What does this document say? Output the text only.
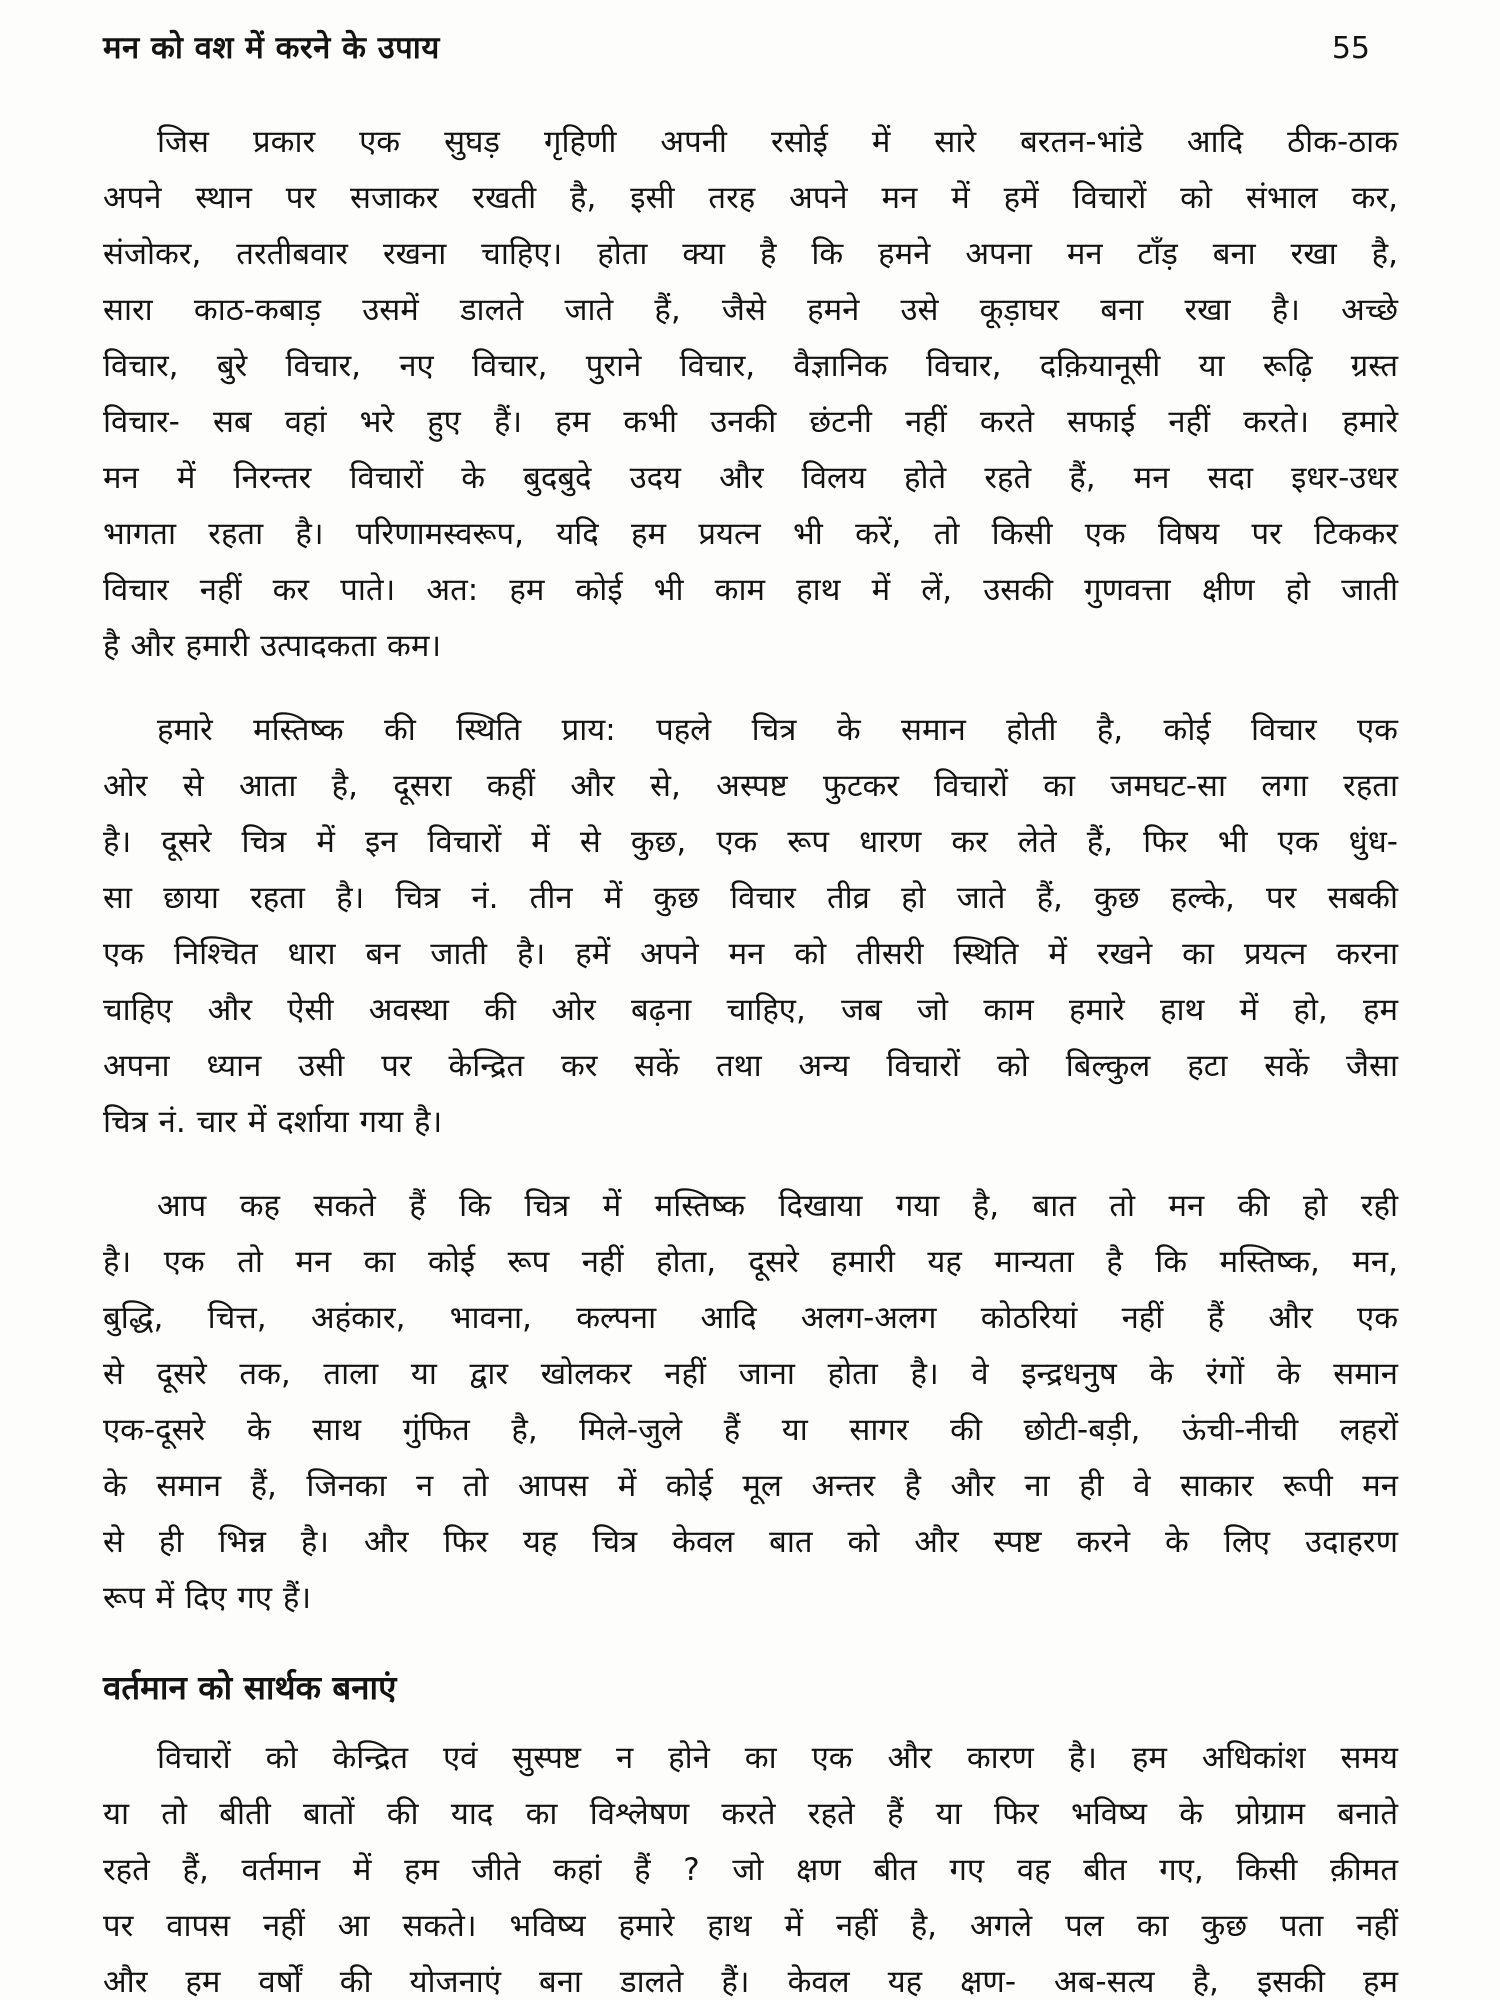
मन को वश में करने के उपाय	55
जिस प्रकार एक सुघड़ गृहिणी अपनी रसोई में सारे बरतन-भांडे आदि ठीक-ठाक
अपने स्थान पर सजाकर रखती है, इसी तरह अपने मन में हमें विचारों को संभाल कर,
संजोकर, तरतीबवार रखना चाहिए। होता क्या है कि हमने अपना मन टाँड़ बना रखा है,
सारा काठ-कबाड़ उसमें डालते जाते हैं, जैसे हमने उसे कूड़ाघर बना रखा है। अच्छे
विचार, बुरे विचार, नए विचार, पुराने विचार, वैज्ञानिक विचार, दक़ियानूसी या रूढ़ि ग्रस्त
विचार- सब वहां भरे हुए हैं। हम कभी उनकी छंटनी नहीं करते सफाई नहीं करते। हमारे
मन में निरन्तर विचारों के बुदबुदे उदय और विलय होते रहते हैं, मन सदा इधर-उधर
भागता रहता है। परिणामस्वरूप, यदि हम प्रयत्न भी करें, तो किसी एक विषय पर टिककर
विचार नहीं कर पाते। अत: हम कोई भी काम हाथ में लें, उसकी गुणवत्ता क्षीण हो जाती
है और हमारी उत्पादकता कम।
हमारे मस्तिष्क की स्थिति प्राय: पहले चित्र के समान होती है, कोई विचार एक
ओर से आता है, दूसरा कहीं और से, अस्पष्ट फुटकर विचारों का जमघट-सा लगा रहता
है। दूसरे चित्र में इन विचारों में से कुछ, एक रूप धारण कर लेते हैं, फिर भी एक धुंध-
सा छाया रहता है। चित्र नं. तीन में कुछ विचार तीव्र हो जाते हैं, कुछ हल्के, पर सबकी
एक निश्चित धारा बन जाती है। हमें अपने मन को तीसरी स्थिति में रखने का प्रयत्न करना
चाहिए और ऐसी अवस्था की ओर बढ़ना चाहिए, जब जो काम हमारे हाथ में हो, हम
अपना ध्यान उसी पर केन्द्रित कर सकें तथा अन्य विचारों को बिल्कुल हटा सकें जैसा
चित्र नं. चार में दर्शाया गया है।
आप कह सकते हैं कि चित्र में मस्तिष्क दिखाया गया है, बात तो मन की हो रही
है। एक तो मन का कोई रूप नहीं होता, दूसरे हमारी यह मान्यता है कि मस्तिष्क, मन,
बुद्धि, चित्त, अहंकार, भावना, कल्पना आदि अलग-अलग कोठरियां नहीं हैं और एक
से दूसरे तक, ताला या द्वार खोलकर नहीं जाना होता है। वे इन्द्रधनुष के रंगों के समान
एक-दूसरे के साथ गुंफित है, मिले-जुले हैं या सागर की छोटी-बड़ी, ऊंची-नीची लहरों
के समान हैं, जिनका न तो आपस में कोई मूल अन्तर है और ना ही वे साकार रूपी मन
से ही भिन्न है। और फिर यह चित्र केवल बात को और स्पष्ट करने के लिए उदाहरण
रूप में दिए गए हैं।
वर्तमान को सार्थक बनाएं
विचारों को केन्द्रित एवं सुस्पष्ट न होने का एक और कारण है। हम अधिकांश समय
या तो बीती बातों की याद का विश्लेषण करते रहते हैं या फिर भविष्य के प्रोग्राम बनाते
रहते हैं, वर्तमान में हम जीते कहां हैं ? जो क्षण बीत गए वह बीत गए, किसी क़ीमत
पर वापस नहीं आ सकते। भविष्य हमारे हाथ में नहीं है, अगले पल का कुछ पता नहीं
और हम वर्षों की योजनाएं बना डालते हैं। केवल यह क्षण- अब-सत्य है, इसकी हम
